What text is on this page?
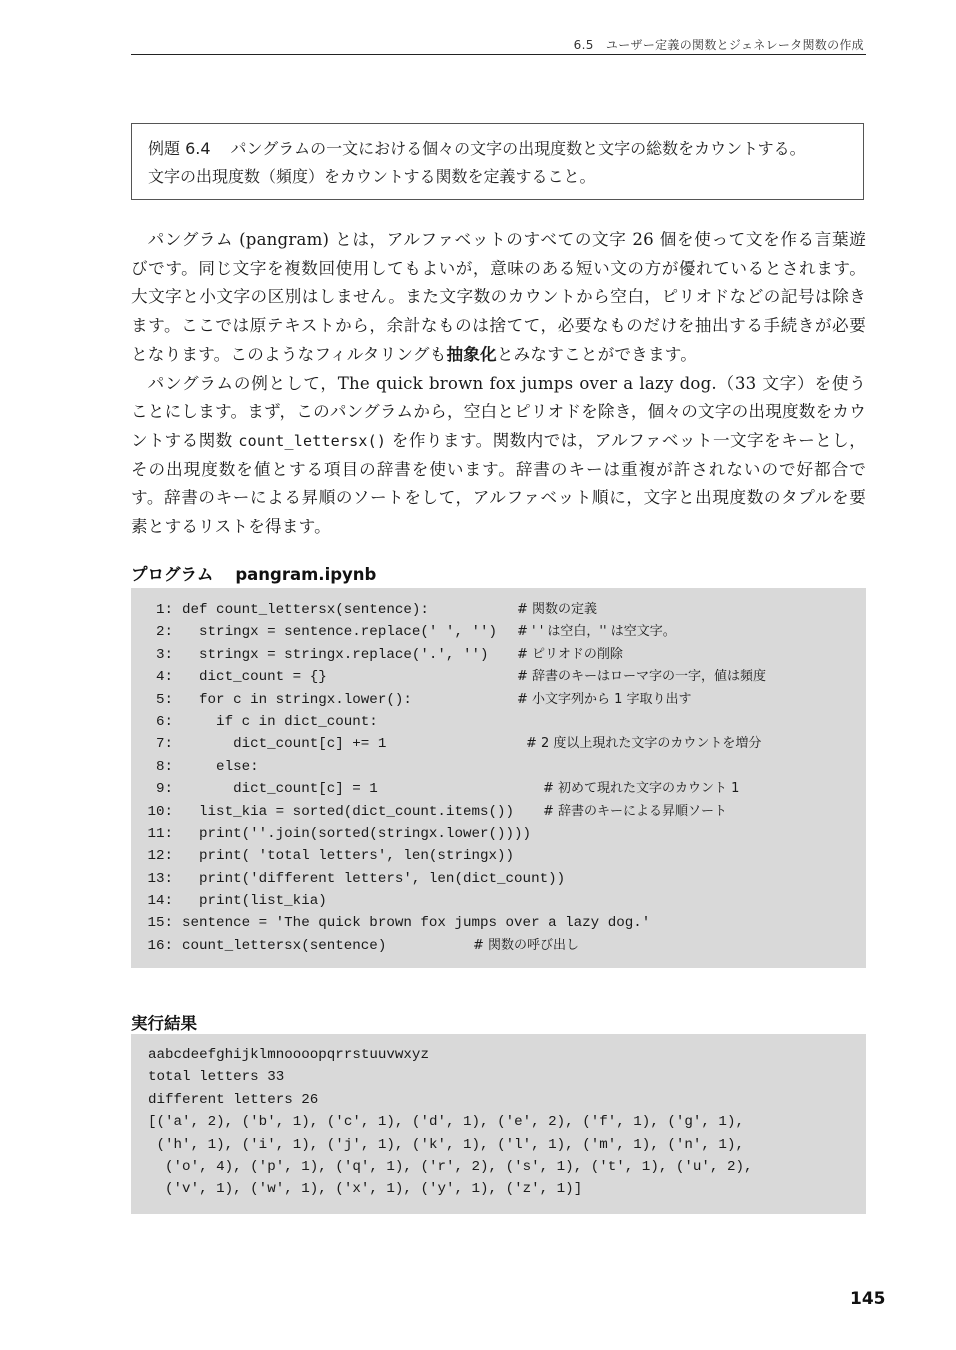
6.5　ユーザー定義の関数とジェネレータ関数の作成
例題 6.4 パングラムの一文における個々の文字の出現度数と文字の総数をカウントする。
文字の出現度数（頻度）をカウントする関数を定義すること。

パングラム (pangram) とは，アルファベットのすべての文字 26 個を使って文を作る言葉遊びです。同じ文字を複数回使用してもよいが，意味のある短い文の方が優れているとされます。大文字と小文字の区別はしません。また文字数のカウントから空白，ピリオドなどの記号は除きます。ここでは原テキストから，余計なものは捨てて，必要なものだけを抽出する手続きが必要となります。このようなフィルタリングも抽象化とみなすことができます。

パングラムの例として，The quick brown fox jumps over a lazy dog.（33 文字）を使うことにします。まず，このパングラムから，空白とピリオドを除き，個々の文字の出現度数をカウントする関数 count_lettersx() を作ります。関数内では，アルファベット一文字をキーとし，その出現度数を値とする項目の辞書を使います。辞書のキーは重複が許されないので好都合です。辞書のキーによる昇順のソートをして，アルファベット順に，文字と出現度数のタプルを要素とするリストを得ます。

プログラム pangram.ipynb
1: def count_lettersx(sentence):	# 関数の定義
2: stringx = sentence.replace(' ', '') # ' ' は空白，'' は空文字。
3: stringx = stringx.replace('.', '') # ピリオドの削除
4: dict_count = {}	# 辞書のキーはローマ字の一字，値は頻度
5: for c in stringx.lower():	# 小文字列から 1 字取り出す
6: if c in dict_count:
7: dict_count[c] += 1	# 2 度以上現れた文字のカウントを増分
8: else:
9: dict_count[c] = 1	# 初めて現れた文字のカウント 1
10: list_kia = sorted(dict_count.items()) # 辞書のキーによる昇順ソート
11: print(''.join(sorted(stringx.lower())))
12: print( 'total letters', len(stringx))
13: print('different letters', len(dict_count))
14: print(list_kia)
15: sentence = 'The quick brown fox jumps over a lazy dog.'
16: count_lettersx(sentence)	# 関数の呼び出し
実行結果
aabcdeefghijklmnoooopqrrstuuvwxyz
total letters 33
different letters 26
[('a', 2), ('b', 1), ('c', 1), ('d', 1), ('e', 2), ('f', 1), ('g', 1),
('h', 1), ('i', 1), ('j', 1), ('k', 1), ('l', 1), ('m', 1), ('n', 1),
('o', 4), ('p', 1), ('q', 1), ('r', 2), ('s', 1), ('t', 1), ('u', 2),
('v', 1), ('w', 1), ('x', 1), ('y', 1), ('z', 1)]
145
